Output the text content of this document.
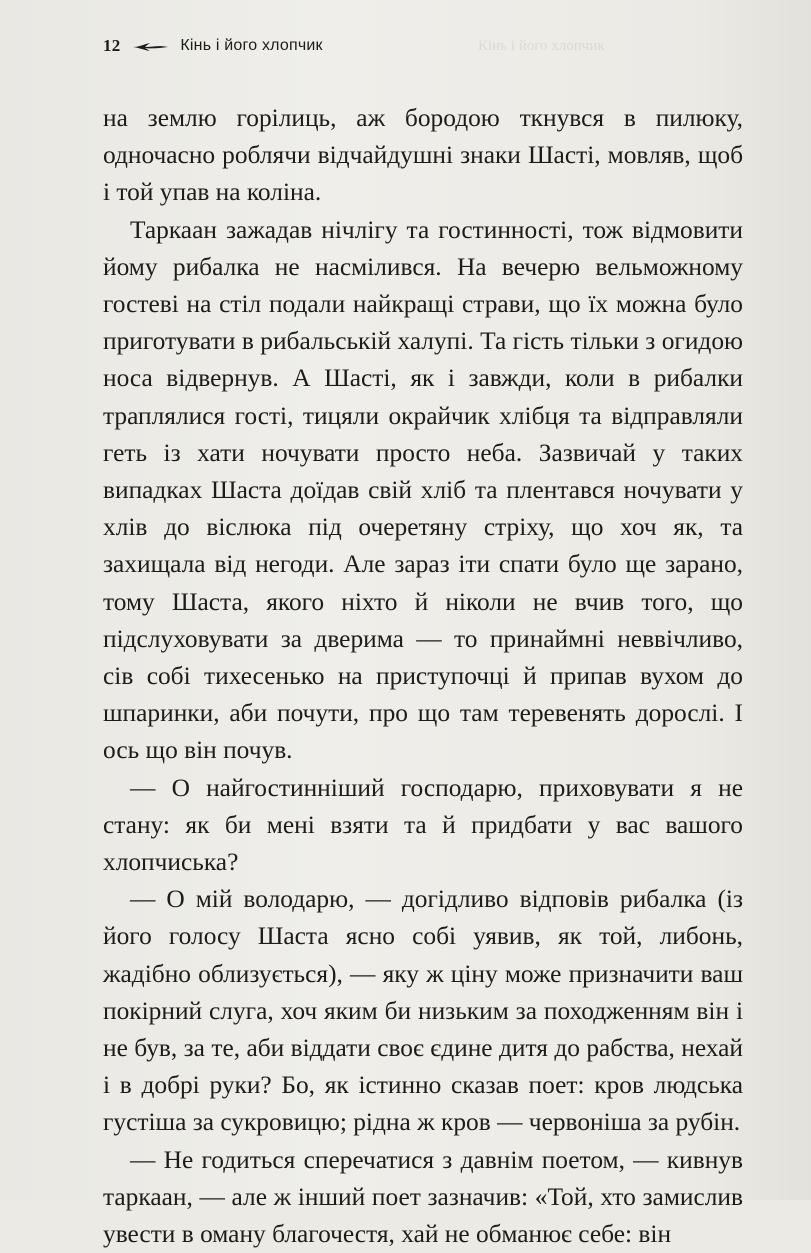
12	Кінь і його хлопчик	Кінь і його хлопчик

на землю горілиць, аж бородою ткнувся в пилюку, одночасно роблячи відчайдушні знаки Шасті, мовляв, щоб і той упав на коліна.

Таркаан зажадав нічлігу та гостинності, тож відмовити йому рибалка не насмілився. На вечерю вельможному гостеві на стіл подали найкращі страви, що їх можна було приготувати в рибальській халупі. Та гість тільки з огидою носа відвернув. А Шасті, як і завжди, коли в рибалки траплялися гості, тицяли окрайчик хлібця та відправляли геть із хати ночувати просто неба. Зазвичай у таких випадках Шаста доїдав свій хліб та плентався ночувати у хлів до віслюка під очеретяну стріху, що хоч як, та захищала від негоди. Але зараз іти спати було ще зарано, тому Шаста, якого ніхто й ніколи не вчив того, що підслуховувати за дверима — то принаймні неввічливо, сів собі тихесенько на приступочці й припав вухом до шпаринки, аби почути, про що там теревенять дорослі. І ось що він почув.

— О найгостинніший господарю, приховувати я не стану: як би мені взяти та й придбати у вас вашого хлопчиська?

— О мій володарю, — догідливо відповів рибалка (із його голосу Шаста ясно собі уявив, як той, либонь, жадібно облизується), — яку ж ціну може призначити ваш покірний слуга, хоч яким би низьким за походженням він і не був, за те, аби віддати своє єдине дитя до рабства, нехай і в добрі руки? Бо, як істинно сказав поет: кров людська густіша за сукровицю; рідна ж кров — червоніша за рубін.

— Не годиться сперечатися з давнім поетом, — кивнув таркаан, — але ж інший поет зазначив: «Той, хто замислив увести в оману благочестя, хай не обманює себе: він
